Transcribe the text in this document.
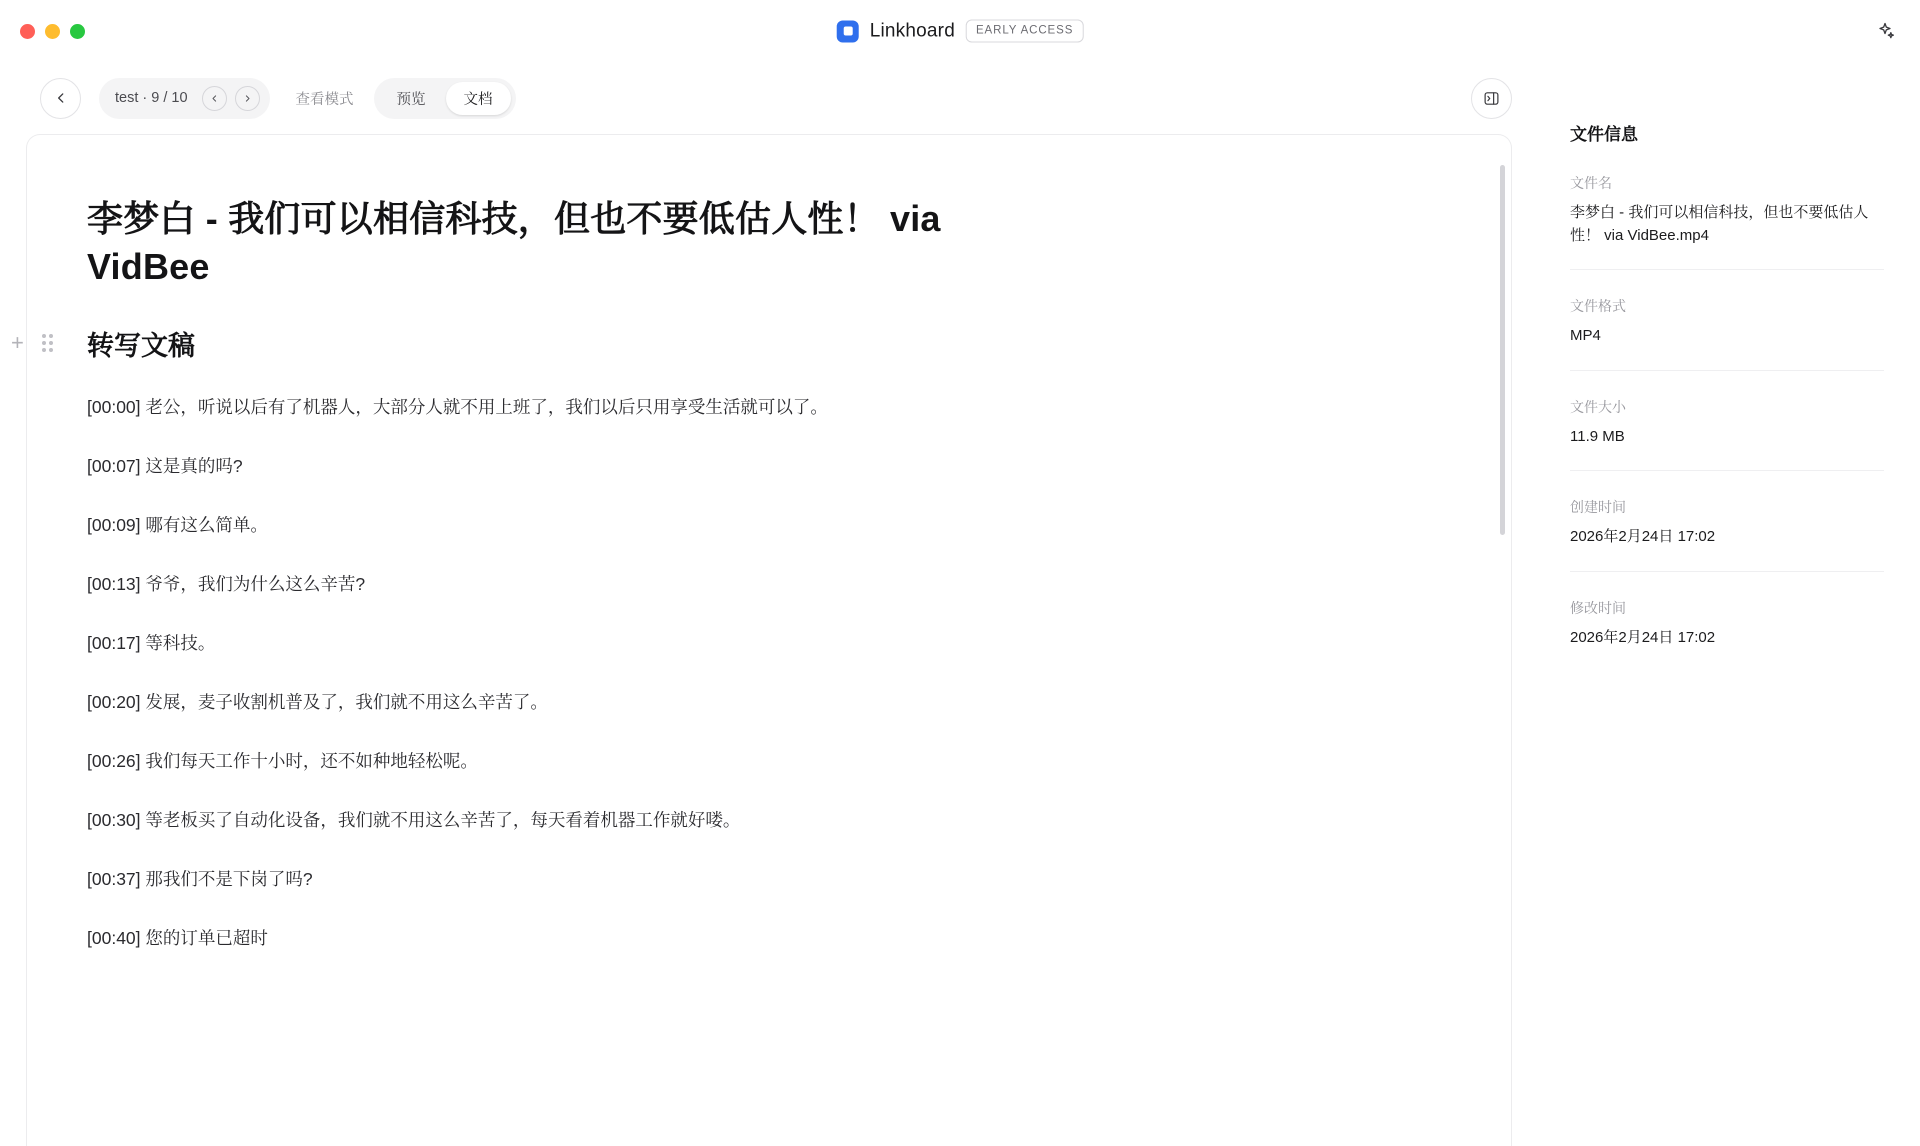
Linkhoard	EARLY ACCESS
test · 9 / 10	查看模式	预览	文档
李梦白 - 我们可以相信科技，但也不要低估人性！ via VidBee
+ 转写文稿

[00:00] 老公，听说以后有了机器人，大部分人就不用上班了，我们以后只用享受生活就可以了。

[00:07] 这是真的吗?

[00:09] 哪有这么简单。

[00:13] 爷爷，我们为什么这么辛苦?

[00:17] 等科技。

[00:20] 发展，麦子收割机普及了，我们就不用这么辛苦了。

[00:26] 我们每天工作十小时，还不如种地轻松呢。

[00:30] 等老板买了自动化设备，我们就不用这么辛苦了，每天看着机器工作就好喽。

[00:37] 那我们不是下岗了吗?

[00:40] 您的订单已超时

文件信息
文件名
李梦白 - 我们可以相信科技，但也不要低估人性！ via VidBee.mp4
文件格式
MP4
文件大小
11.9 MB
创建时间
2026年2月24日 17:02
修改时间
2026年2月24日 17:02
